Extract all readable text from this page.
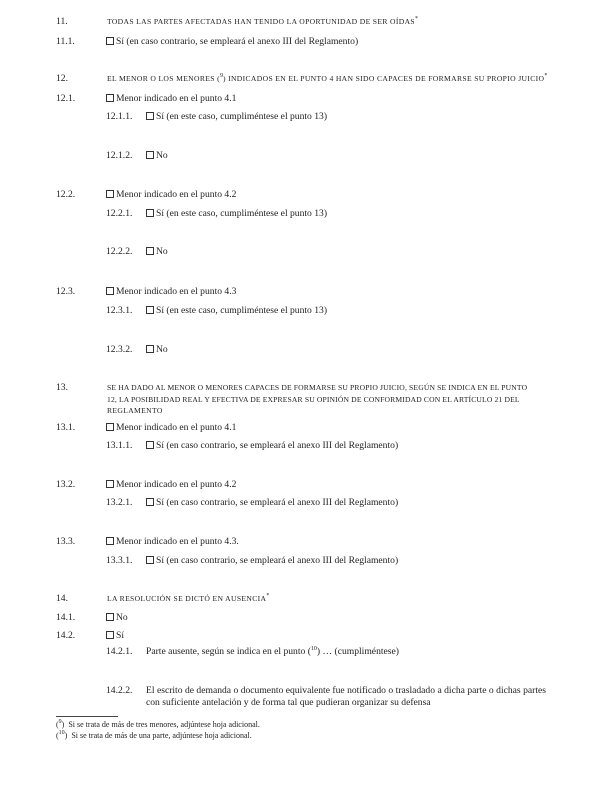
11.	TODAS LAS PARTES AFECTADAS HAN TENIDO LA OPORTUNIDAD DE SER OÍDAS*
11.1.	Sí (en caso contrario, se empleará el anexo III del Reglamento)
12.	EL MENOR O LOS MENORES ($^9$) INDICADOS EN EL PUNTO 4 HAN SIDO CAPACES DE FORMARSE SU PROPIO JUICIO*
12.1.	Menor indicado en el punto 4.1
12.1.1.	Sí (en este caso, cumpliméntese el punto 13)
12.1.2.	No
12.2.	Menor indicado en el punto 4.2
12.2.1.	Sí (en este caso, cumpliméntese el punto 13)
12.2.2.	No
12.3.	Menor indicado en el punto 4.3
12.3.1.	Sí (en este caso, cumpliméntese el punto 13)
12.3.2.	No
13.	SE HA DADO AL MENOR O MENORES CAPACES DE FORMARSE SU PROPIO JUICIO, SEGÚN SE INDICA EN EL PUNTO
12, LA POSIBILIDAD REAL Y EFECTIVA DE EXPRESAR SU OPINIÓN DE CONFORMIDAD CON EL ARTÍCULO 21 DEL
REGLAMENTO
13.1.	Menor indicado en el punto 4.1
13.1.1.	Sí (en caso contrario, se empleará el anexo III del Reglamento)
13.2.	Menor indicado en el punto 4.2
13.2.1.	Sí (en caso contrario, se empleará el anexo III del Reglamento)
13.3.	Menor indicado en el punto 4.3.
13.3.1.	Sí (en caso contrario, se empleará el anexo III del Reglamento)
14.	LA RESOLUCIÓN SE DICTÓ EN AUSENCIA*
14.1.	No
14.2.	Sí
14.2.1. Parte ausente, según se indica en el punto ($^{10}$) … (cumpliméntese)
14.2.2. El escrito de demanda o documento equivalente fue notificado o trasladado a dicha parte o dichas partes con suficiente antelación y de forma tal que pudieran organizar su defensa
($^9$)  Si se trata de más de tres menores, adjúntese hoja adicional.
($^{10}$)  Si se trata de más de una parte, adjúntese hoja adicional.
